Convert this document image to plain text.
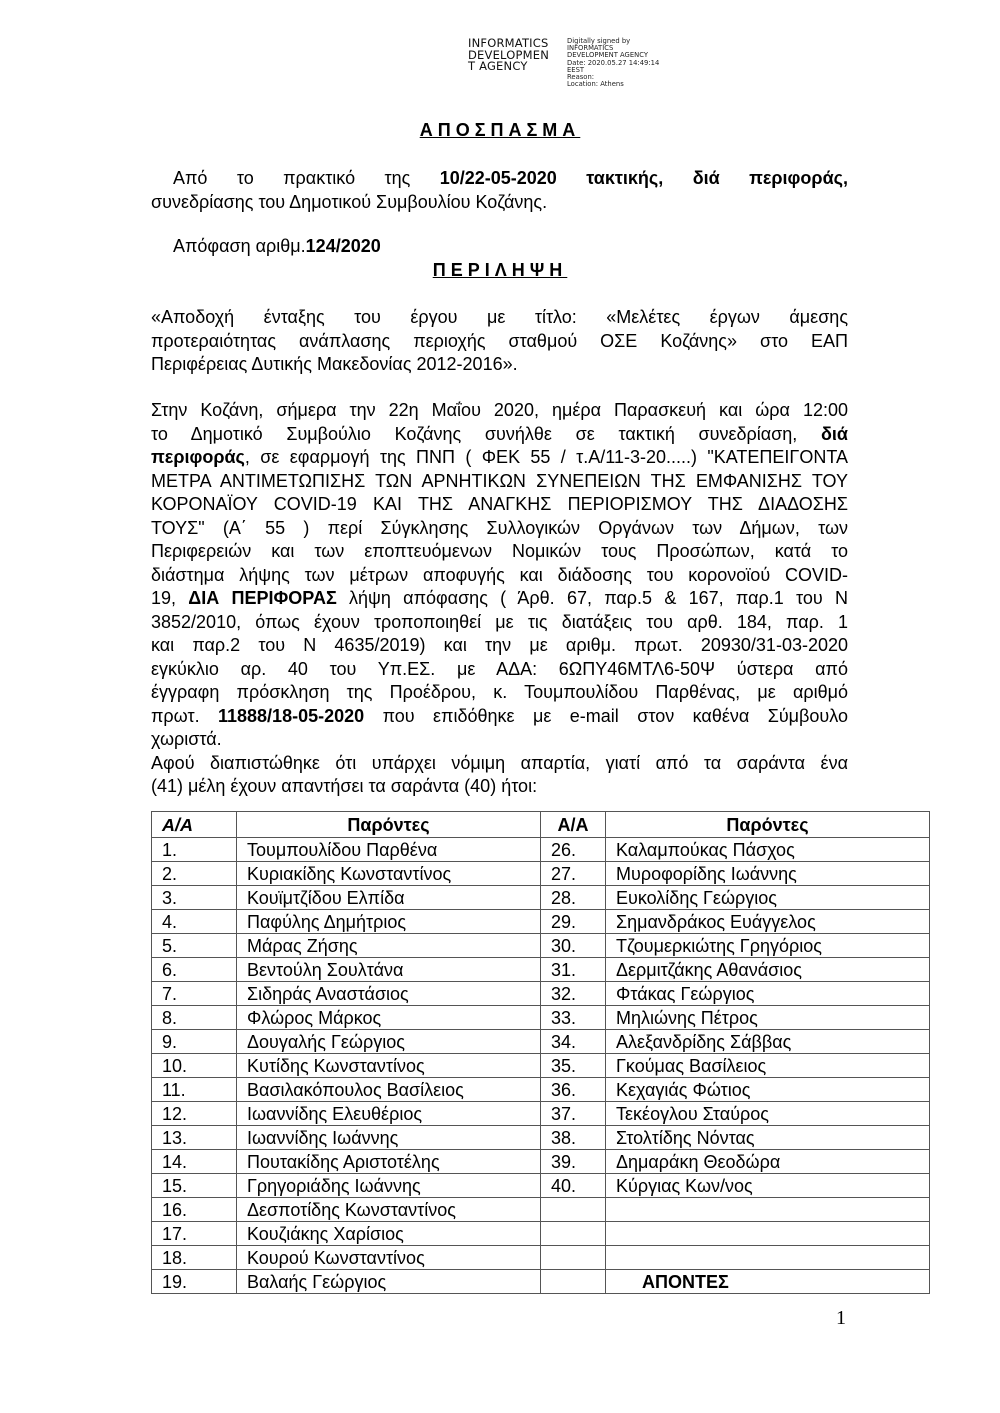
INFORMATICS
DEVELOPMEN
T AGENCY
Digitally signed by
INFORMATICS
DEVELOPMENT AGENCY
Date: 2020.05.27 14:49:14
EEST
Reason:
Location: Athens
ΑΠΟΣΠΑΣΜΑ
Από το πρακτικό της 10/22-05-2020 τακτικής, διά περιφοράς,
συνεδρίασης του Δημοτικού Συμβουλίου Κοζάνης.
Απόφαση αριθμ.124/2020
ΠΕΡΙΛΗΨΗ
«Αποδοχή ένταξης του έργου με τίτλο: «Μελέτες έργων άμεσης
προτεραιότητας ανάπλασης περιοχής σταθμού ΟΣΕ Κοζάνης» στο ΕΑΠ
Περιφέρειας Δυτικής Μακεδονίας 2012-2016».
Στην Κοζάνη, σήμερα την 22η Μαΐου 2020, ημέρα Παρασκευή και ώρα 12:00
το Δημοτικό Συμβούλιο Κοζάνης συνήλθε σε τακτική συνεδρίαση, διά
περιφοράς, σε εφαρμογή της ΠΝΠ ( ΦΕΚ 55 / τ.Α/11-3-20.....) "ΚΑΤΕΠΕΙΓΟΝΤΑ
ΜΕΤΡΑ ΑΝΤΙΜΕΤΩΠΙΣΗΣ ΤΩΝ ΑΡΝΗΤΙΚΩΝ ΣΥΝΕΠΕΙΩΝ ΤΗΣ ΕΜΦΑΝΙΣΗΣ ΤΟΥ
ΚΟΡΟΝΑΪΟΥ COVID-19 ΚΑΙ ΤΗΣ ΑΝΑΓΚΗΣ ΠΕΡΙΟΡΙΣΜΟΥ ΤΗΣ ΔΙΑΔΟΣΗΣ
ΤΟΥΣ" (Α΄ 55 ) περί Σύγκλησης Συλλογικών Οργάνων των Δήμων, των
Περιφερειών και των εποπτευόμενων Νομικών τους Προσώπων, κατά το
διάστημα λήψης των μέτρων αποφυγής και διάδοσης του κορονοϊού COVID-
19, ΔΙΑ ΠΕΡΙΦΟΡΑΣ λήψη απόφασης ( Άρθ. 67, παρ.5 & 167, παρ.1 του Ν
3852/2010, όπως έχουν τροποποιηθεί με τις διατάξεις του αρθ. 184, παρ. 1
και παρ.2 του Ν 4635/2019) και την με αριθμ. πρωτ. 20930/31-03-2020
εγκύκλιο αρ. 40 του Υπ.ΕΣ. με ΑΔΑ: 6ΩΠΥ46ΜΤΛ6-50Ψ ύστερα από
έγγραφη πρόσκληση της Προέδρου, κ. Τουμπουλίδου Παρθένας, με αριθμό
πρωτ. 11888/18-05-2020 που επιδόθηκε με e-mail στον καθένα Σύμβουλο
χωριστά.
Αφού διαπιστώθηκε ότι υπάρχει νόμιμη απαρτία, γιατί από τα σαράντα ένα
(41) μέλη έχουν απαντήσει τα σαράντα (40) ήτοι:
Α/Α	Παρόντες	Α/Α	Παρόντες
1.	Τουμπουλίδου Παρθένα	26.	Καλαμπούκας Πάσχος
2.	Κυριακίδης Κωνσταντίνος	27.	Μυροφορίδης Ιωάννης
3.	Κουϊμτζίδου Ελπίδα	28.	Ευκολίδης Γεώργιος
4.	Παφύλης Δημήτριος	29.	Σημανδράκος Ευάγγελος
5.	Μάρας Ζήσης	30.	Τζουμερκιώτης Γρηγόριος
6.	Βεντούλη Σουλτάνα	31.	Δερμιτζάκης Αθανάσιος
7.	Σιδηράς Αναστάσιος	32.	Φτάκας Γεώργιος
8.	Φλώρος Μάρκος	33.	Μηλιώνης Πέτρος
9.	Δουγαλής Γεώργιος	34.	Αλεξανδρίδης Σάββας
10.	Κυτίδης Κωνσταντίνος	35.	Γκούμας Βασίλειος
11.	Βασιλακόπουλος Βασίλειος	36.	Κεχαγιάς Φώτιος
12.	Ιωαννίδης Ελευθέριος	37.	Τεκέογλου Σταύρος
13.	Ιωαννίδης Ιωάννης	38.	Στολτίδης Νόντας
14.	Πουτακίδης Αριστοτέλης	39.	Δημαράκη Θεοδώρα
15.	Γρηγοριάδης Ιωάννης	40.	Κύργιας Κων/νος
16.	Δεσποτίδης Κωνσταντίνος		
17.	Κουζιάκης Χαρίσιος		
18.	Κουρού Κωνσταντίνος		
19.	Βαλαής Γεώργιος		ΑΠΟΝΤΕΣ
1
